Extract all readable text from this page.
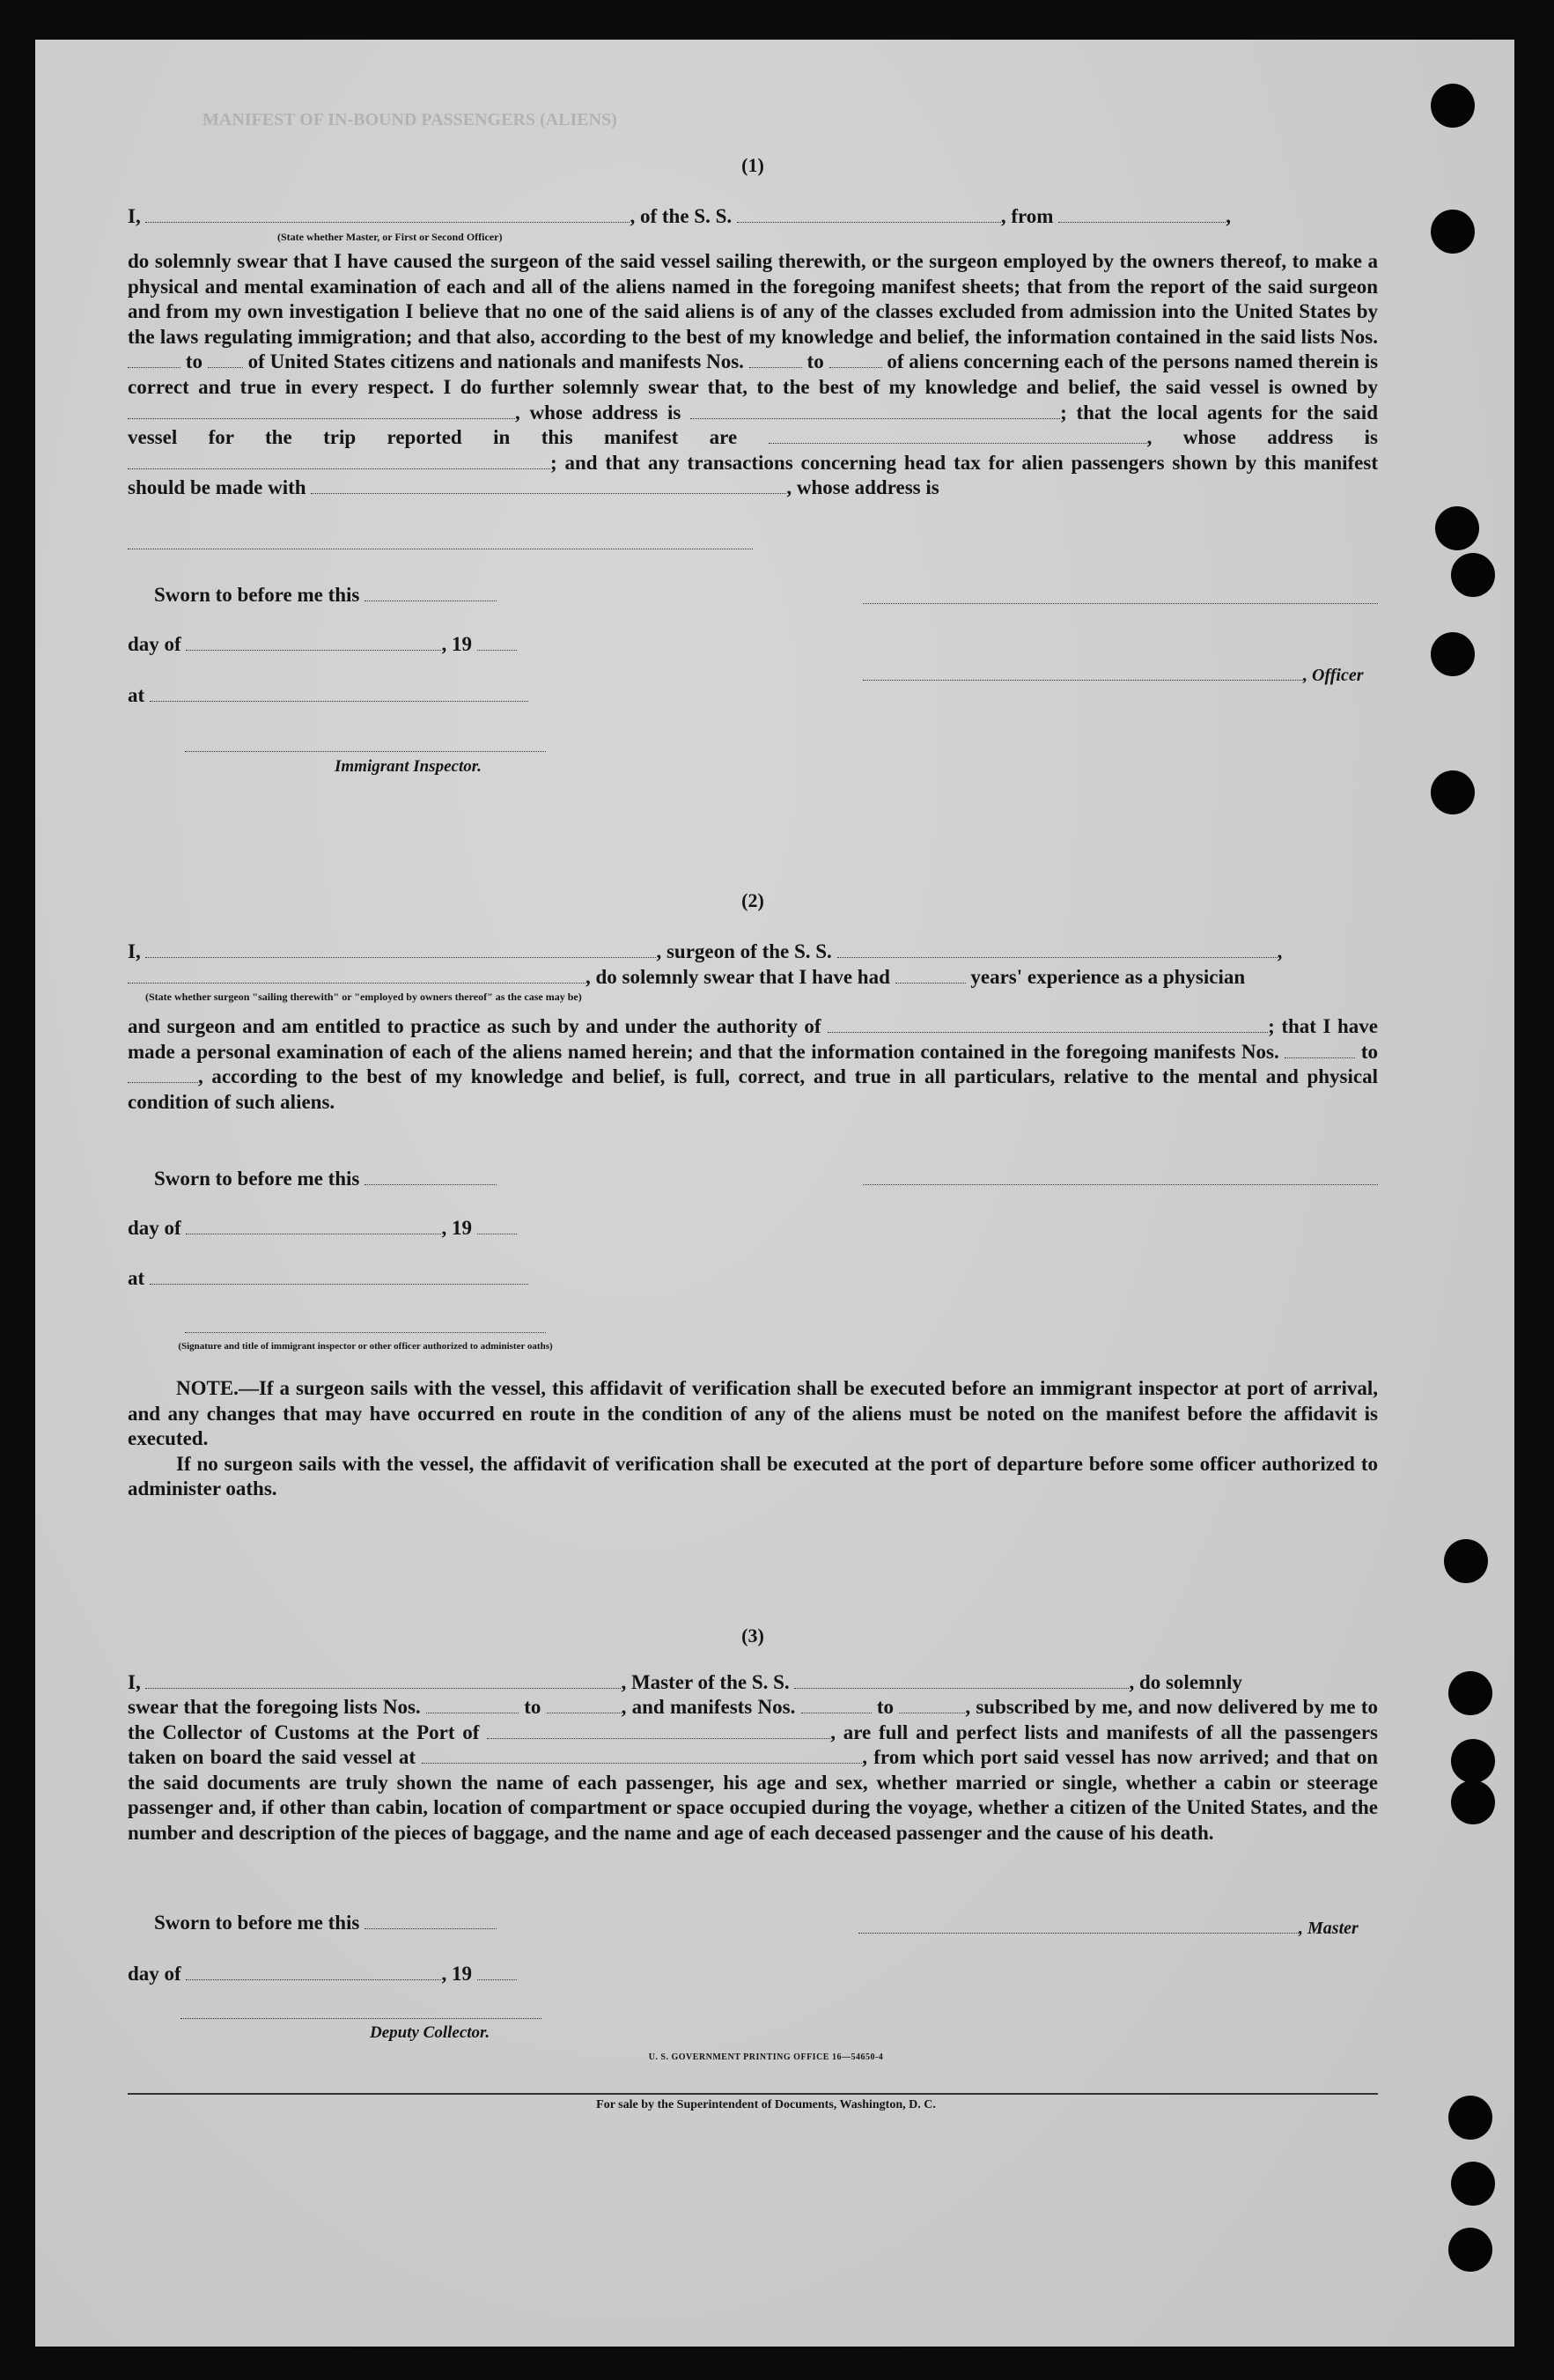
MANIFEST OF IN-BOUND PASSENGERS (ALIENS)
(1)
I,	, of the S. S.	, from	,
(State whether Master, or First or Second Officer)

do solemnly swear that I have caused the surgeon of the said vessel sailing therewith, or the surgeon employed by the owners thereof, to make a physical and mental examination of each and all of the aliens named in the foregoing manifest sheets; that from the report of the said surgeon and from my own investigation I believe that no one of the said aliens is of any of the classes excluded from admission into the United States by the laws regulating immigration; and that also, according to the best of my knowledge and belief, the information contained in the said lists Nos.  to of United States citizens and nationals and manifests Nos.	to	of aliens concerning each of the persons named therein is correct and true in every respect. I do further solemnly swear that, to the best of my knowledge and belief, the said vessel is owned by , whose address is	; that the local agents for the said vessel for the trip reported in this manifest are	, whose address is ; and that any transactions concerning head tax for alien passengers shown by this manifest should be made with	, whose address is

Sworn to before me this
day of	, 19
, Officer
at
Immigrant Inspector.
(2)
I,	, surgeon of the S. S.	,
, do solemnly swear that I have had	years' experience as a physician
(State whether surgeon "sailing therewith" or "employed by owners thereof" as the case may be)

and surgeon and am entitled to practice as such by and under the authority of	; that I have made a personal examination of each of the aliens named herein; and that the information contained in the foregoing manifests Nos.	to , according to the best of my knowledge and belief, is full, correct, and true in all particulars, relative to the mental and physical condition of such aliens.

Sworn to before me this
day of	, 19
at
(Signature and title of immigrant inspector or other officer authorized to administer oaths)

NOTE.—If a surgeon sails with the vessel, this affidavit of verification shall be executed before an immigrant inspector at port of arrival, and any changes that may have occurred en route in the condition of any of the aliens must be noted on the manifest before the affidavit is executed.

If no surgeon sails with the vessel, the affidavit of verification shall be executed at the port of departure before some officer authorized to administer oaths.

(3)
I,	, Master of the S. S.	, do solemnly

swear that the foregoing lists Nos.	to	, and manifests Nos.	to	, subscribed by me, and now delivered by me to the Collector of Customs at the Port of	, are full and perfect lists and manifests of all the passengers taken on board the said vessel at	, from which port said vessel has now arrived; and that on the said documents are truly shown the name of each passenger, his age and sex, whether married or single, whether a cabin or steerage passenger and, if other than cabin, location of compartment or space occupied during the voyage, whether a citizen of the United States, and the number and description of the pieces of baggage, and the name and age of each deceased passenger and the cause of his death.

Sworn to before me this	, Master
day of	, 19
Deputy Collector.
U. S. GOVERNMENT PRINTING OFFICE 16—54650-4
For sale by the Superintendent of Documents, Washington, D. C.
